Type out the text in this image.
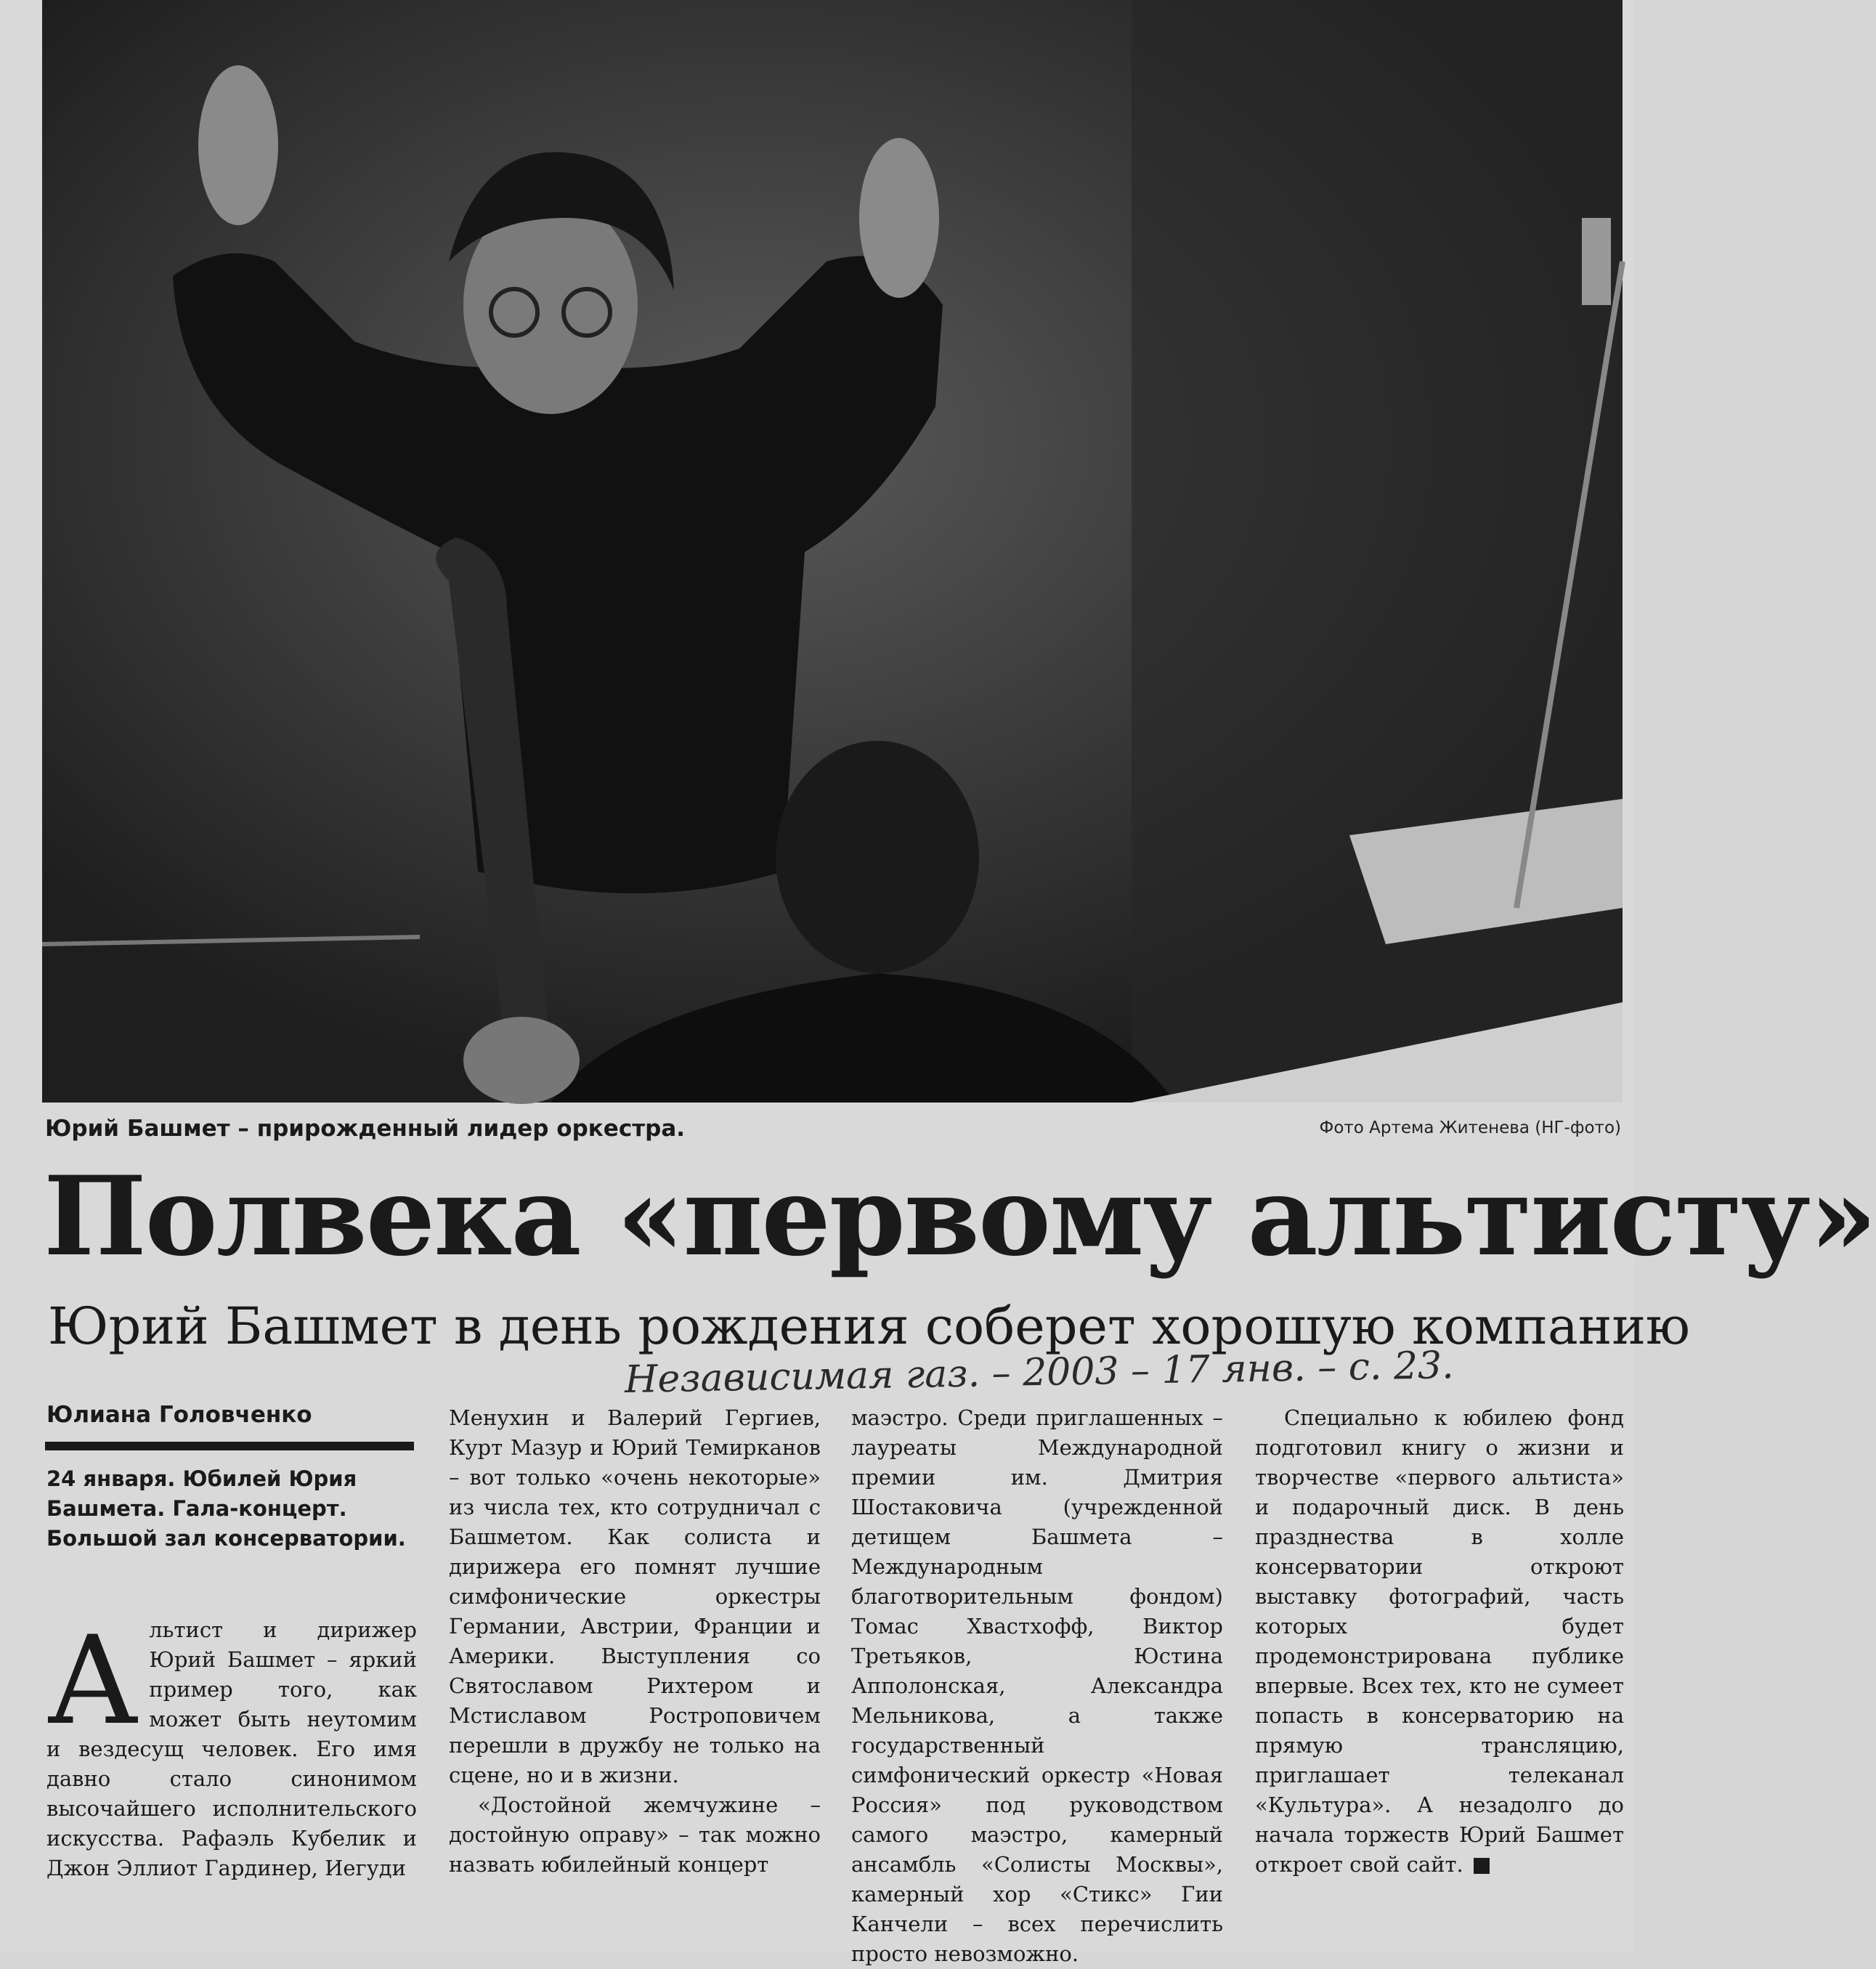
Юрий Башмет – прирожденный лидер оркестра.	Фото Артема Житенева (НГ-фото)
Полвека «первому альтисту»
Юрий Башмет в день рождения соберет хорошую компанию
Независимая газ. – 2003 – 17 янв. – с. 23.
Юлиана Головченко
24 января. Юбилей Юрия Башмета. Гала-концерт. Большой зал консерватории.
А льтист и дирижер Юрий Башмет – яркий пример того, как может быть неутомим и вездесущ человек. Его имя давно стало синонимом высочайшего исполнительского искусства. Рафаэль Кубелик и Джон Эллиот Гардинер, Иегуди

Менухин и Валерий Гергиев, Курт Мазур и Юрий Темирканов – вот только «очень некоторые» из числа тех, кто сотрудничал с Башметом. Как солиста и дирижера его помнят лучшие симфонические оркестры Германии, Австрии, Франции и Америки. Выступления со Святославом Рихтером и Мстиславом Ростроповичем перешли в дружбу не только на сцене, но и в жизни.

«Достойной жемчужине – достойную оправу» – так можно назвать юбилейный концерт

маэстро. Среди приглашенных – лауреаты Международной премии им. Дмитрия Шостаковича (учрежденной детищем Башмета – Международным благотворительным фондом) Томас Хвастхофф, Виктор Третьяков, Юстина Апполонская, Александра Мельникова, а также государственный симфонический оркестр «Новая Россия» под руководством самого маэстро, камерный ансамбль «Солисты Москвы», камерный хор «Стикс» Гии Канчели – всех перечислить просто невозможно.

Специально к юбилею фонд подготовил книгу о жизни и творчестве «первого альтиста» и подарочный диск. В день празднества в холле консерватории откроют выставку фотографий, часть которых будет продемонстрирована публике впервые. Всех тех, кто не сумеет попасть в консерваторию на прямую трансляцию, приглашает телеканал «Культура». А незадолго до начала торжеств Юрий Башмет откроет свой сайт.
